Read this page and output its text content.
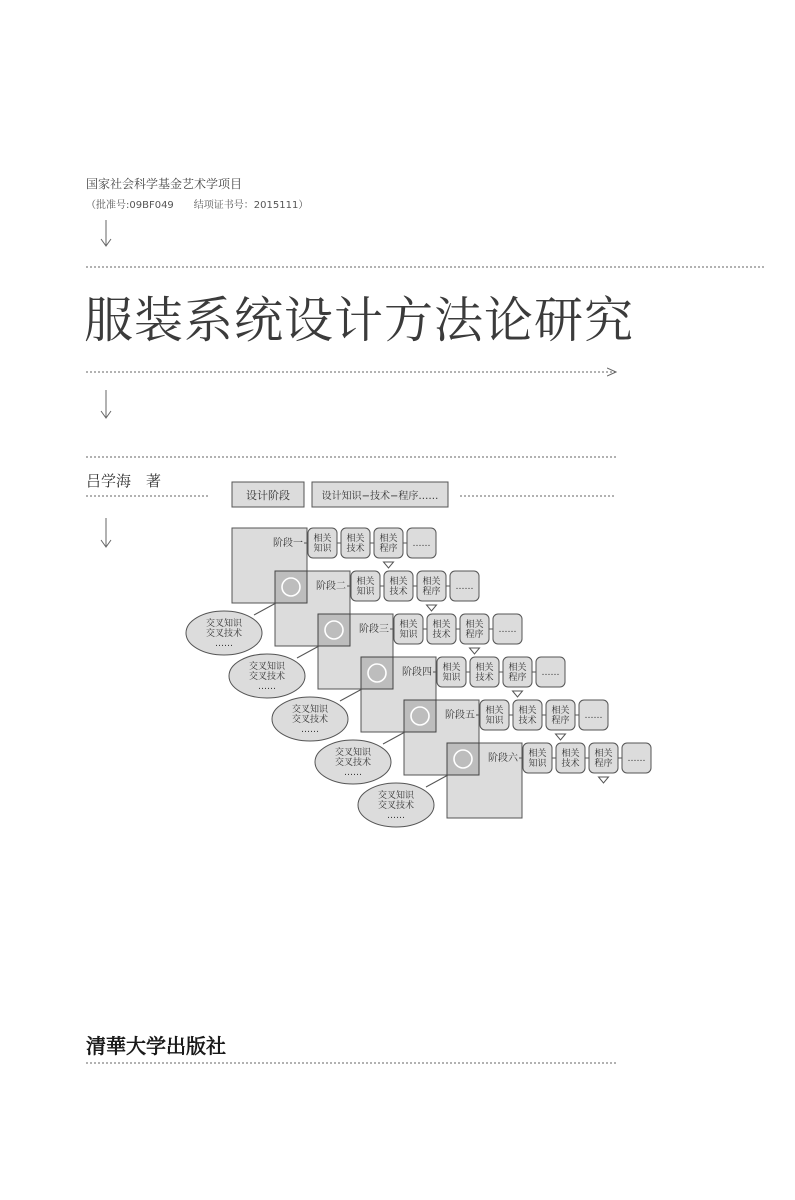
国家社会科学基金艺术学项目
（批准号:09BF049　　结项证书号：2015111）
服装系统设计方法论研究
吕学海　著
清華大学出版社
设计阶段	设计知识−技术−程序……
阶段一 相关知识
相关技术
相关程序 ……
阶段二 相关知识
相关技术
相关程序 ……
阶段三 相关知识
相关技术
相关程序 ……
阶段四 相关知识
相关技术
相关程序 ……
阶段五 相关知识
相关技术
相关程序 ……
阶段六 相关知识
相关技术
相关程序 ……
交叉知识交叉技术……
交叉知识交叉技术……
交叉知识交叉技术……
交叉知识交叉技术……
交叉知识交叉技术……
